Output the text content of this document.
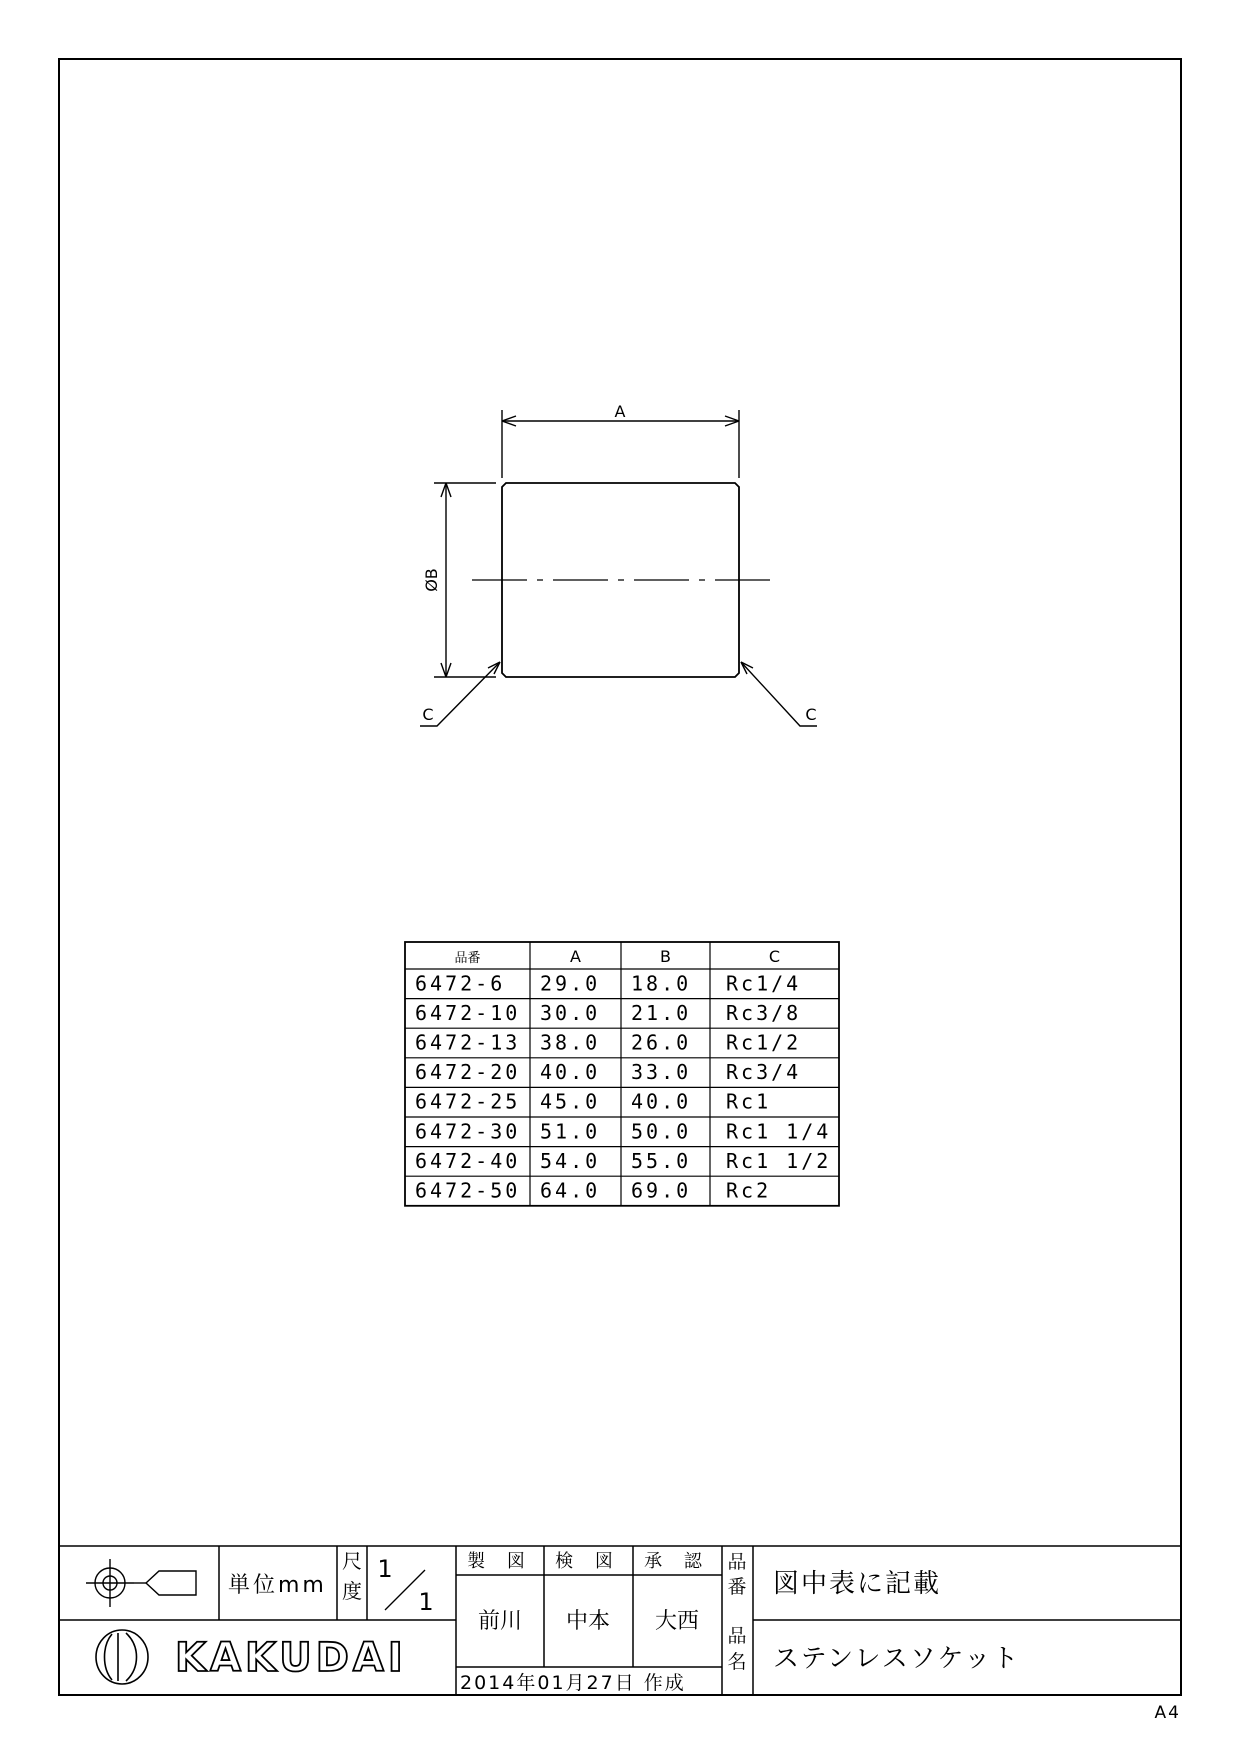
A
ØB
C	C
品番	A	B	C
6472-6 29.0 18.0 Rc1/4
6472-10 30.0 21.0 Rc3/8
6472-13 38.0 26.0 Rc1/2
6472-20 40.0 33.0 Rc3/4
6472-25 45.0 40.0 Rc1
6472-30 51.0 50.0 Rc1 1/4
6472-40 54.0 55.0 Rc1 1/2
6472-50 64.0 69.0 Rc2
KAKUDAI
単位mm
尺
度
1
1
製 図 検 図 承 認
前川 中本 大西
2014年01月27日 作成
品
番
品
名
図中表に記載
ステンレスソケット
A4
